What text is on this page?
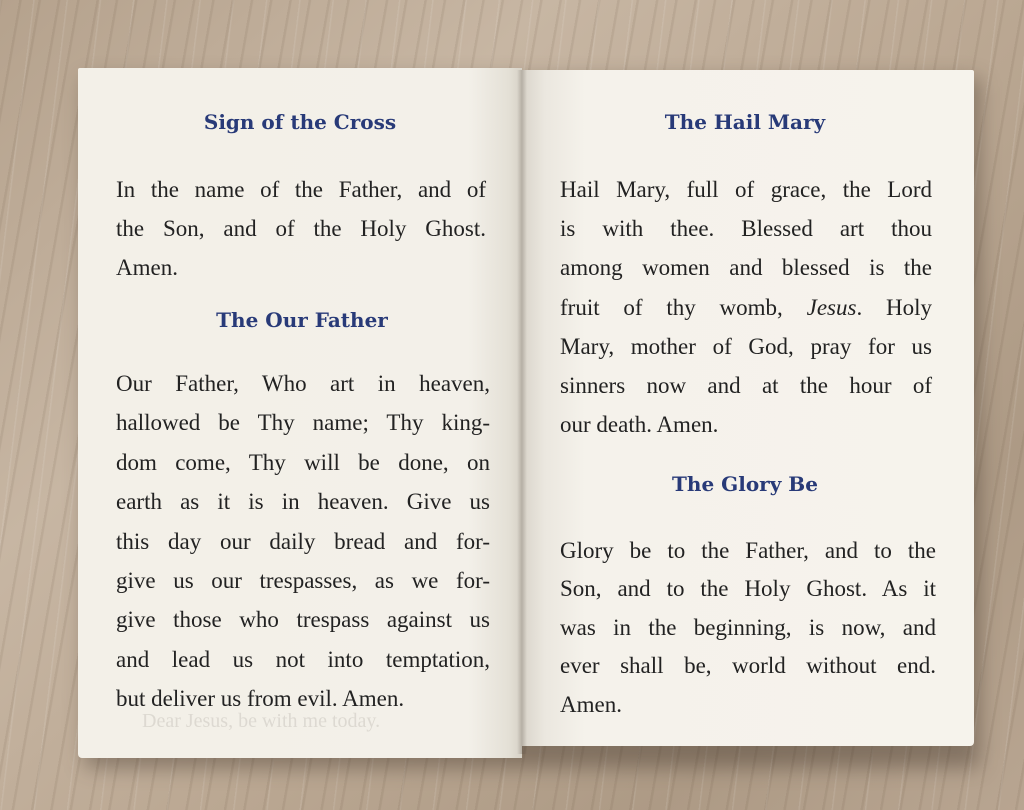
Dear Jesus, be with me today.
Sign of the Cross
In the name of the Father, and of
the Son, and of the Holy Ghost.
Amen.
The Our Father
Our Father, Who art in heaven,
hallowed be Thy name; Thy king-
dom come, Thy will be done, on
earth as it is in heaven. Give us
this day our daily bread and for-
give us our trespasses, as we for-
give those who trespass against us
and lead us not into temptation,
but deliver us from evil. Amen.
The Hail Mary
Hail Mary, full of grace, the Lord
is with thee. Blessed art thou
among women and blessed is the
fruit of thy womb, Jesus. Holy
Mary, mother of God, pray for us
sinners now and at the hour of
our death. Amen.
The Glory Be
Glory be to the Father, and to the
Son, and to the Holy Ghost. As it
was in the beginning, is now, and
ever shall be, world without end.
Amen.
